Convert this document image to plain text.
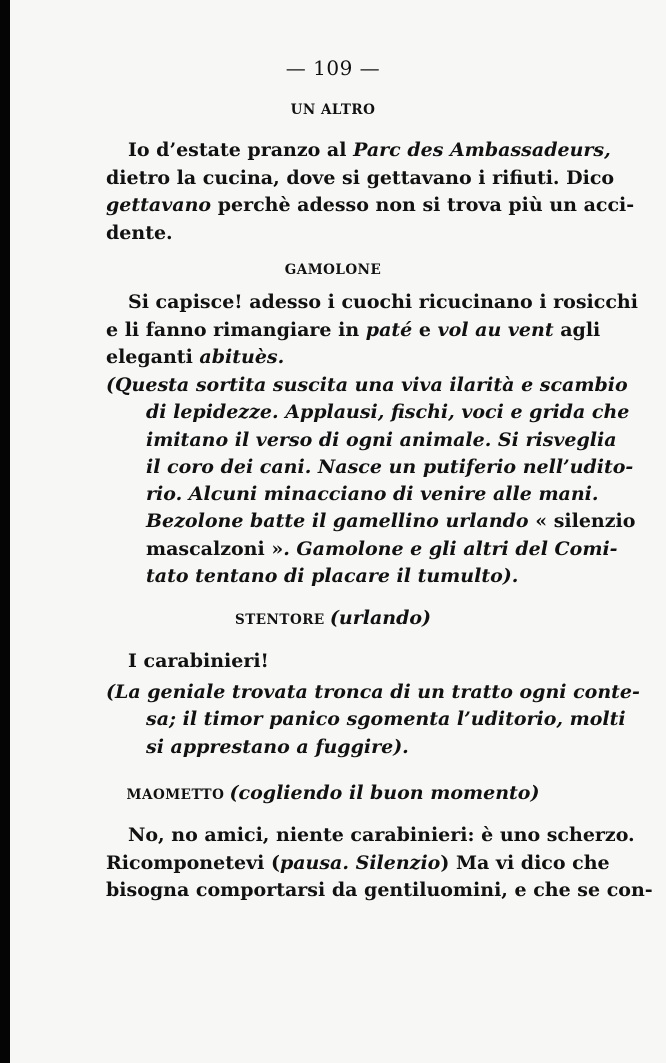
— 109 —
UN ALTRO
Io d’estate pranzo al Parc des Ambassadeurs,
dietro la cucina, dove si gettavano i rifiuti. Dico
gettavano perchè adesso non si trova più un acci-
dente.
GAMOLONE
Si capisce! adesso i cuochi ricucinano i rosicchi
e li fanno rimangiare in paté e vol au vent agli
eleganti abituès.
(Questa sortita suscita una viva ilarità e scambio
di lepidezze. Applausi, fischi, voci e grida che
imitano il verso di ogni animale. Si risveglia
il coro dei cani. Nasce un putiferio nell’udito-
rio. Alcuni minacciano di venire alle mani.
Bezolone batte il gamellino urlando « silenzio
mascalzoni ». Gamolone e gli altri del Comi-
tato tentano di placare il tumulto).
STENTORE (urlando)
I carabinieri!
(La geniale trovata tronca di un tratto ogni conte-
sa; il timor panico sgomenta l’uditorio, molti
si apprestano a fuggire).
MAOMETTO (cogliendo il buon momento)
No, no amici, niente carabinieri: è uno scherzo.
Ricomponetevi (pausa. Silenzio) Ma vi dico che
bisogna comportarsi da gentiluomini, e che se con-
